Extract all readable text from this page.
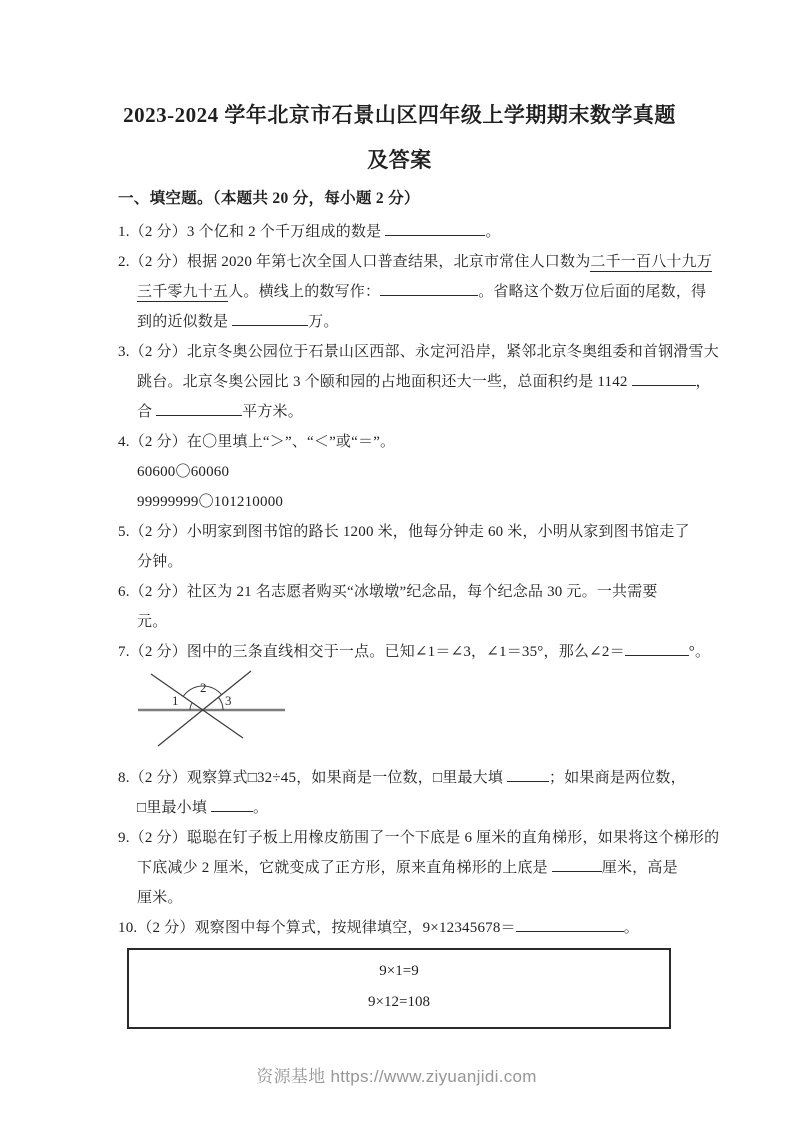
2023-2024 学年北京市石景山区四年级上学期期末数学真题
及答案
一、填空题。（本题共 20 分，每小题 2 分）
1.（2 分）3 个亿和 2 个千万组成的数是	。
2.（2 分）根据 2020 年第七次全国人口普查结果，北京市常住人口数为二千一百八十九万
三千零九十五人。横线上的数写作：	。省略这个数万位后面的尾数，得
到的近似数是	万。
3.（2 分）北京冬奥公园位于石景山区西部、永定河沿岸，紧邻北京冬奥组委和首钢滑雪大
跳台。北京冬奥公园比 3 个颐和园的占地面积还大一些，总面积约是 1142	，
合	平方米。
4.（2 分）在〇里填上“＞”、“＜”或“＝”。
60600〇60060
99999999〇101210000
5.（2 分）小明家到图书馆的路长 1200 米，他每分钟走 60 米，小明从家到图书馆走了
分钟。
6.（2 分）社区为 21 名志愿者购买“冰墩墩”纪念品，每个纪念品 30 元。一共需要
元。
7.（2 分）图中的三条直线相交于一点。已知∠1＝∠3，∠1＝35°，那么∠2＝	°。
1
2
3
8.（2 分）观察算式□32÷45，如果商是一位数，□里最大填	；如果商是两位数，
□里最小填	。
9.（2 分）聪聪在钉子板上用橡皮筋围了一个下底是 6 厘米的直角梯形，如果将这个梯形的
下底减少 2 厘米，它就变成了正方形，原来直角梯形的上底是	厘米，高是
厘米。
10.（2 分）观察图中每个算式，按规律填空，9×12345678＝	。
9×1=9
9×12=108
资源基地 https://www.ziyuanjidi.com
